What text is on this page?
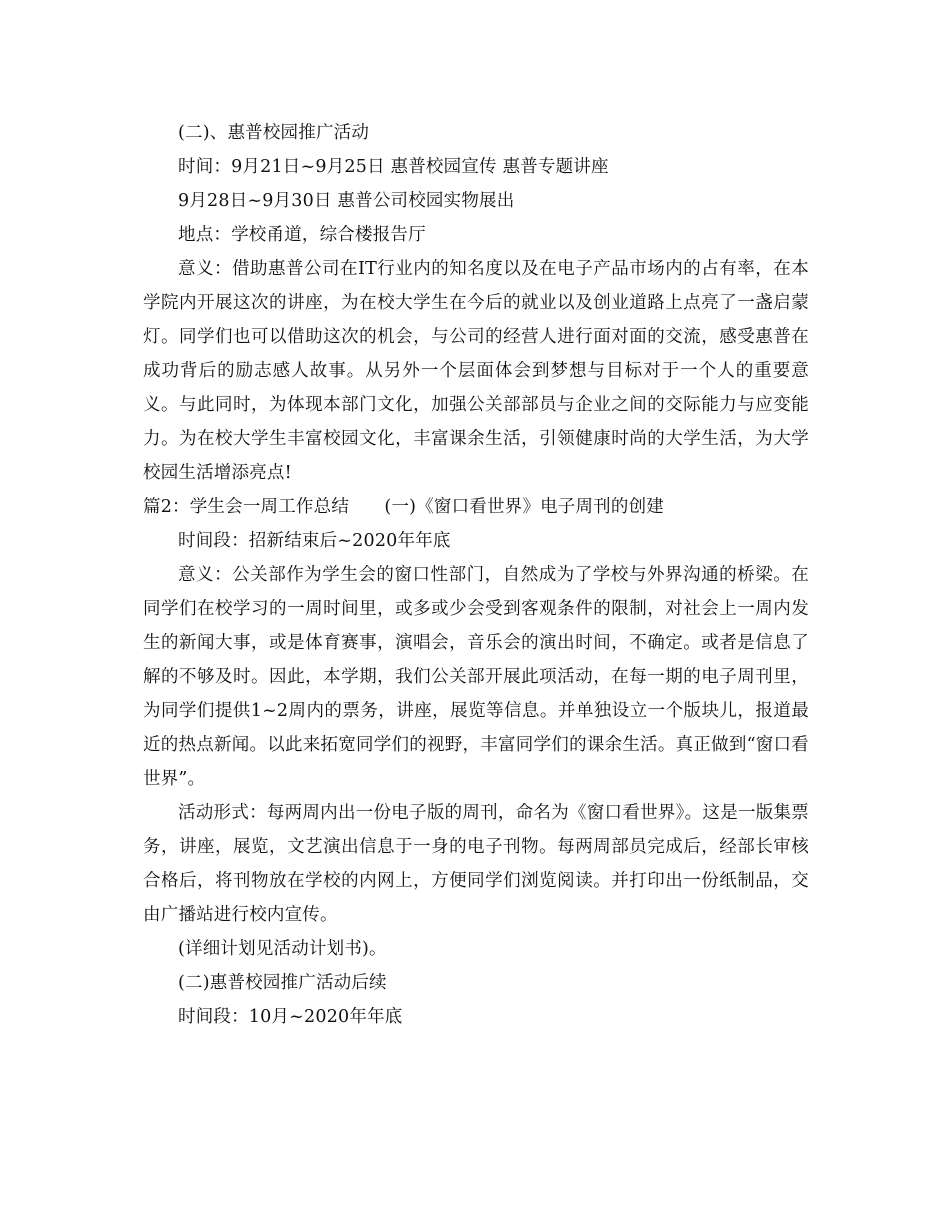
(二)、惠普校园推广活动

时间：9月21日~9月25日 惠普校园宣传 惠普专题讲座

9月28日~9月30日 惠普公司校园实物展出

地点：学校甬道，综合楼报告厅

意义：借助惠普公司在IT行业内的知名度以及在电子产品市场内的占有率，在本学院内开展这次的讲座，为在校大学生在今后的就业以及创业道路上点亮了一盏启蒙灯。同学们也可以借助这次的机会，与公司的经营人进行面对面的交流，感受惠普在成功背后的励志感人故事。从另外一个层面体会到梦想与目标对于一个人的重要意义。与此同时，为体现本部门文化，加强公关部部员与企业之间的交际能力与应变能力。为在校大学生丰富校园文化，丰富课余生活，引领健康时尚的大学生活，为大学校园生活增添亮点!

篇2：学生会一周工作总结　　(一)《窗口看世界》电子周刊的创建

时间段：招新结束后~2020年年底

意义：公关部作为学生会的窗口性部门，自然成为了学校与外界沟通的桥梁。在同学们在校学习的一周时间里，或多或少会受到客观条件的限制，对社会上一周内发生的新闻大事，或是体育赛事，演唱会，音乐会的演出时间，不确定。或者是信息了解的不够及时。因此，本学期，我们公关部开展此项活动，在每一期的电子周刊里，为同学们提供1~2周内的票务，讲座，展览等信息。并单独设立一个版块儿，报道最近的热点新闻。以此来拓宽同学们的视野，丰富同学们的课余生活。真正做到“窗口看世界”。

活动形式：每两周内出一份电子版的周刊，命名为《窗口看世界》。这是一版集票务，讲座，展览，文艺演出信息于一身的电子刊物。每两周部员完成后，经部长审核合格后，将刊物放在学校的内网上，方便同学们浏览阅读。并打印出一份纸制品，交由广播站进行校内宣传。

(详细计划见活动计划书)。

(二)惠普校园推广活动后续

时间段：10月~2020年年底
